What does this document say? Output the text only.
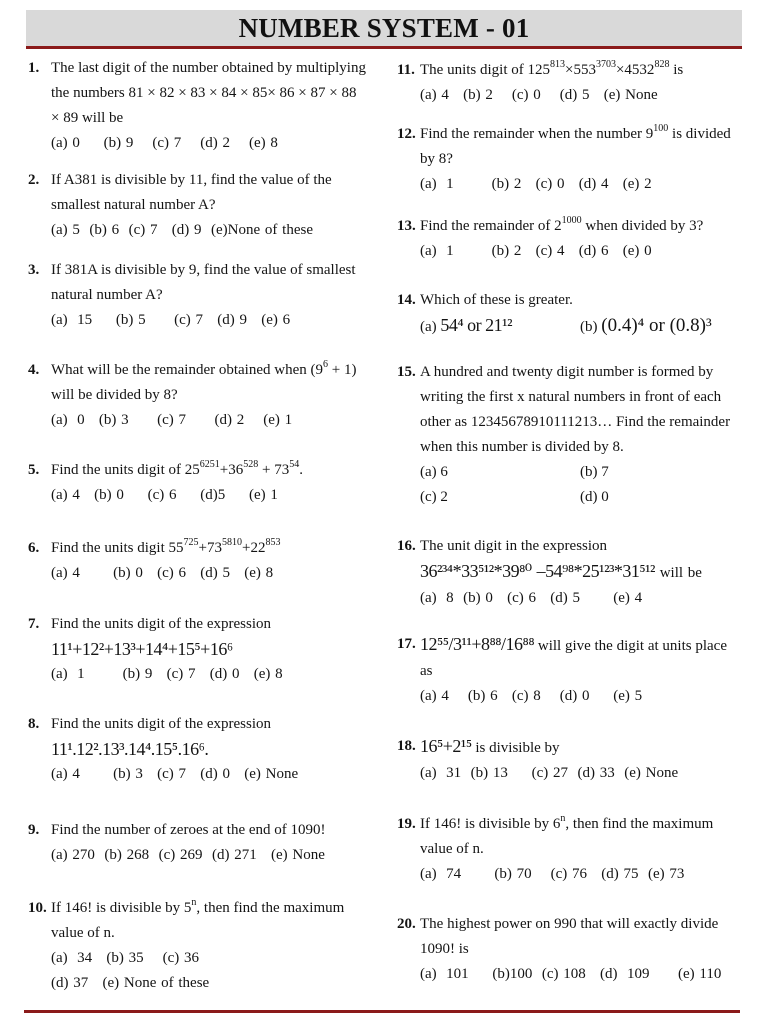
NUMBER SYSTEM - 01
1. The last digit of the number obtained by multiplying the numbers 81 × 82 × 83 × 84 × 85× 86 × 87 × 88 × 89 will be
(a) 0     (b) 9    (c) 7    (d) 2    (e) 8
2. If A381 is divisible by 11, find the value of the smallest natural number A?
(a) 5  (b) 6  (c) 7   (d) 9  (e)None of these
3. If 381A is divisible by 9, find the value of smallest natural number A?
(a)  15     (b) 5      (c) 7   (d) 9   (e) 6
4. What will be the remainder obtained when $(9^6 + 1)$ will be divided by 8?
(a)  0   (b) 3      (c) 7      (d) 2    (e) 1
5. Find the units digit of $25^{6251}+36^{528} + 73^{54}$.
(a) 4   (b) 0     (c) 6     (d)5     (e) 1
6. Find the units digit $55^{725}+73^{5810}+22^{853}$
(a) 4       (b) 0   (c) 6   (d) 5   (e) 8
7. Find the units digit of the expression
11¹+12²+13³+14⁴+15⁵+16⁶
(a)  1        (b) 9   (c) 7   (d) 0   (e) 8
8. Find the units digit of the expression
11¹.12².13³.14⁴.15⁵.16⁶.
(a) 4       (b) 3   (c) 7   (d) 0   (e) None
9. Find the number of zeroes at the end of 1090!
(a) 270  (b) 268  (c) 269  (d) 271   (e) None
10. If 146! is divisible by 5$^n$, then find the maximum value of n.
(a)  34   (b) 35    (c) 36
(d) 37   (e) None of these
11. The units digit of $125^{813}\times 553^{3703}\times 4532^{828}$ is
(a) 4   (b) 2    (c) 0    (d) 5   (e) None
12. Find the remainder when the number $9^{100}$ is divided by 8?
(a)  1        (b) 2   (c) 0   (d) 4   (e) 2
13. Find the remainder of $2^{1000}$ when divided by 3?
(a)  1        (b) 2   (c) 4   (d) 6   (e) 0
14. Which of these is greater.
(a) 54⁴ or 21¹²	(b) (0.4)⁴ or (0.8)³
15. A hundred and twenty digit number is formed by writing the first x natural numbers in front of each other as 12345678910111213… Find the remainder when this number is divided by 8.
(a) 6	(b) 7
(c) 2	(d) 0
16. The unit digit in the expression
36²³⁴*33⁵¹²*39⁸⁰ –54⁹⁸*25¹²³*31⁵¹² will be
(a)  8  (b) 0   (c) 6   (d) 5       (e) 4
17. 12⁵⁵/3¹¹+8⁸⁸/16⁸⁸ will give the digit at units place as
(a) 4    (b) 6   (c) 8    (d) 0     (e) 5
18. 16⁵+2¹⁵ is divisible by
(a)  31  (b) 13     (c) 27  (d) 33  (e) None
19. If 146! is divisible by 6$^n$, then find the maximum value of n.
(a)  74       (b) 70    (c) 76   (d) 75  (e) 73
20. The highest power on 990 that will exactly divide 1090! is
(a)  101     (b)100  (c) 108   (d)  109      (e) 110
